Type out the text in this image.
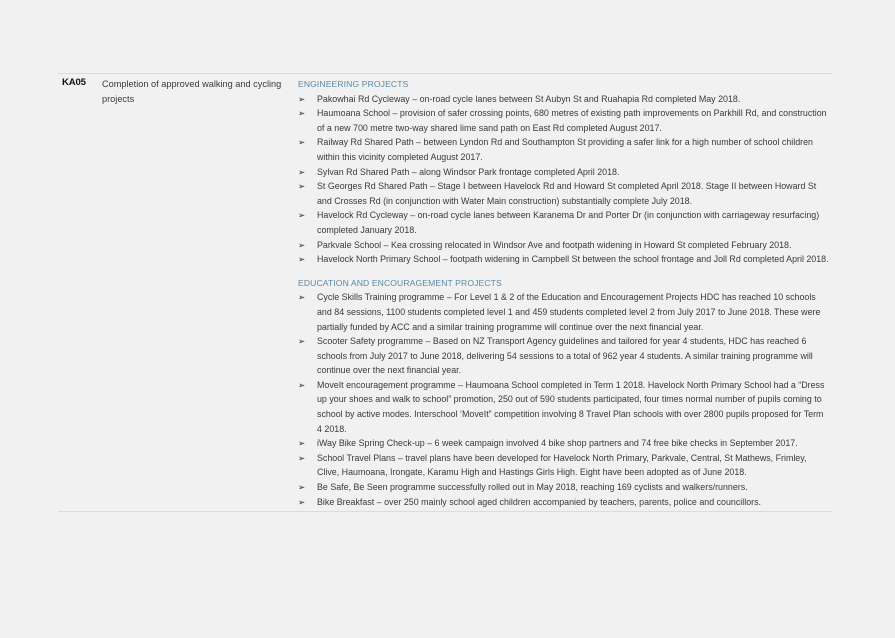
KA05	Completion of approved walking and cycling projects
ENGINEERING PROJECTS
➢	Pakowhai Rd Cycleway – on-road cycle lanes between St Aubyn St and Ruahapia Rd completed May 2018.
➢	Haumoana School – provision of safer crossing points, 680 metres of existing path improvements on Parkhill Rd, and construction of a new 700 metre two-way shared lime sand path on East Rd completed August 2017.
➢	Railway Rd Shared Path – between Lyndon Rd and Southampton St providing a safer link for a high number of school children within this vicinity completed August 2017.
➢	Sylvan Rd Shared Path – along Windsor Park frontage completed April 2018.
➢	St Georges Rd Shared Path – Stage I between Havelock Rd and Howard St completed April 2018. Stage II between Howard St and Crosses Rd (in conjunction with Water Main construction) substantially complete July 2018.
➢	Havelock Rd Cycleway – on-road cycle lanes between Karanema Dr and Porter Dr (in conjunction with carriageway resurfacing) completed January 2018.
➢	Parkvale School – Kea crossing relocated in Windsor Ave and footpath widening in Howard St completed February 2018.
➢	Havelock North Primary School – footpath widening in Campbell St between the school frontage and Joll Rd completed April 2018.
EDUCATION AND ENCOURAGEMENT PROJECTS
➢	Cycle Skills Training programme – For Level 1 & 2 of the Education and Encouragement Projects HDC has reached 10 schools and 84 sessions, 1100 students completed level 1 and 459 students completed level 2 from July 2017 to June 2018. These were partially funded by ACC and a similar training programme will continue over the next financial year.
➢	Scooter Safety programme – Based on NZ Transport Agency guidelines and tailored for year 4 students, HDC has reached 6 schools from July 2017 to June 2018, delivering 54 sessions to a total of 962 year 4 students. A similar training programme will continue over the next financial year.
➢	MoveIt encouragement programme – Haumoana School completed in Term 1 2018. Havelock North Primary School had a “Dress up your shoes and walk to school” promotion, 250 out of 590 students participated, four times normal number of pupils coming to school by active modes. Interschool ‘MoveIt” competition involving 8 Travel Plan schools with over 2800 pupils proposed for Term 4 2018.
➢	iWay Bike Spring Check-up – 6 week campaign involved 4 bike shop partners and 74 free bike checks in September 2017.
➢	School Travel Plans – travel plans have been developed for Havelock North Primary, Parkvale, Central, St Mathews, Frimley, Clive, Haumoana, Irongate, Karamu High and Hastings Girls High. Eight have been adopted as of June 2018.
➢	Be Safe, Be Seen programme successfully rolled out in May 2018, reaching 169 cyclists and walkers/runners.
➢	Bike Breakfast – over 250 mainly school aged children accompanied by teachers, parents, police and councillors.
